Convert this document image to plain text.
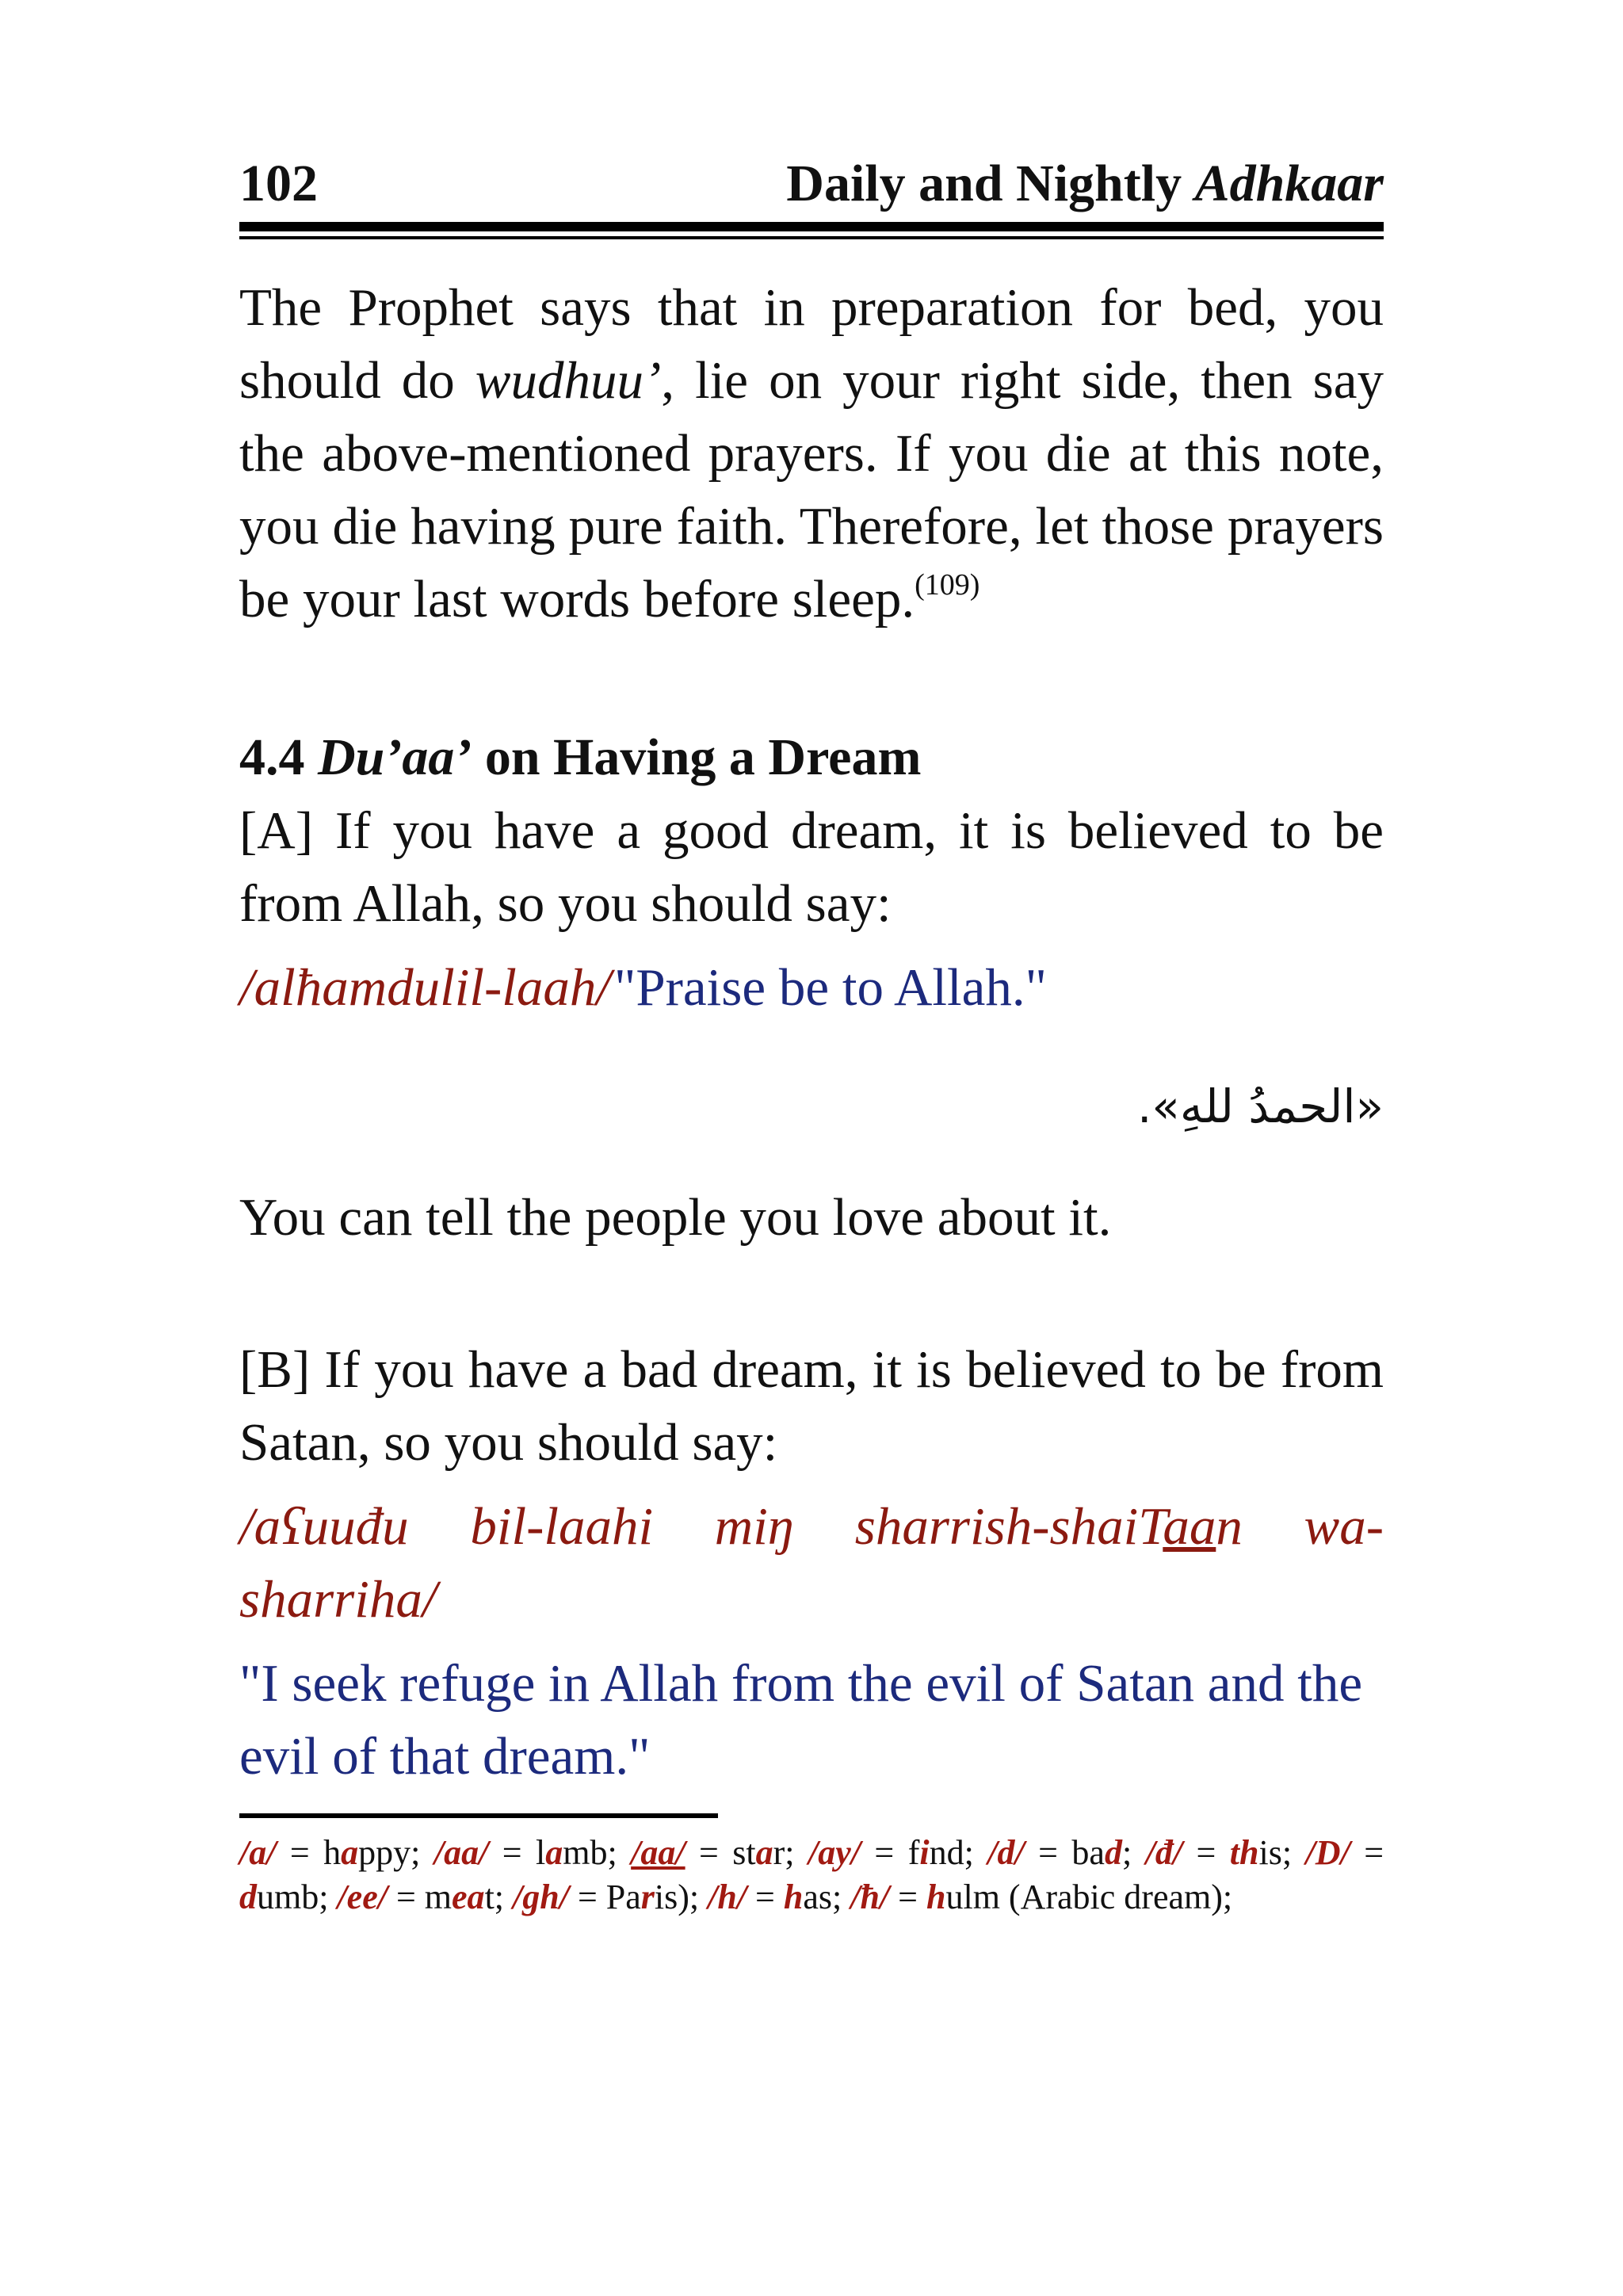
102	Daily and Nightly Adhkaar

The Prophet says that in preparation for bed, you should do wudhuu’, lie on your right side, then say the above-mentioned prayers. If you die at this note, you die having pure faith. Therefore, let those prayers be your last words before sleep.$^{(109)}$

4.4 Du’aa’ on Having a Dream

[A] If you have a good dream, it is believed to be from Allah, so you should say:

/alħamdulil-laah/ "Praise be to Allah."

«الحمدُ للهِ».

You can tell the people you love about it.

[B] If you have a bad dream, it is believed to be from Satan, so you should say:

/aʕuuđu bil-laahi miŋ sharrish-shaiTaan wa-sharriha/

"I seek refuge in Allah from the evil of Satan and the evil of that dream."

/a/ = happy; /aa/ = lamb; /aa/ = star; /ay/ = find; /d/ = bad; /đ/ = this; /D/ = dumb; /ee/ = meat; /gh/ = Paris); /h/ = has; /ħ/ = hulm (Arabic dream);
